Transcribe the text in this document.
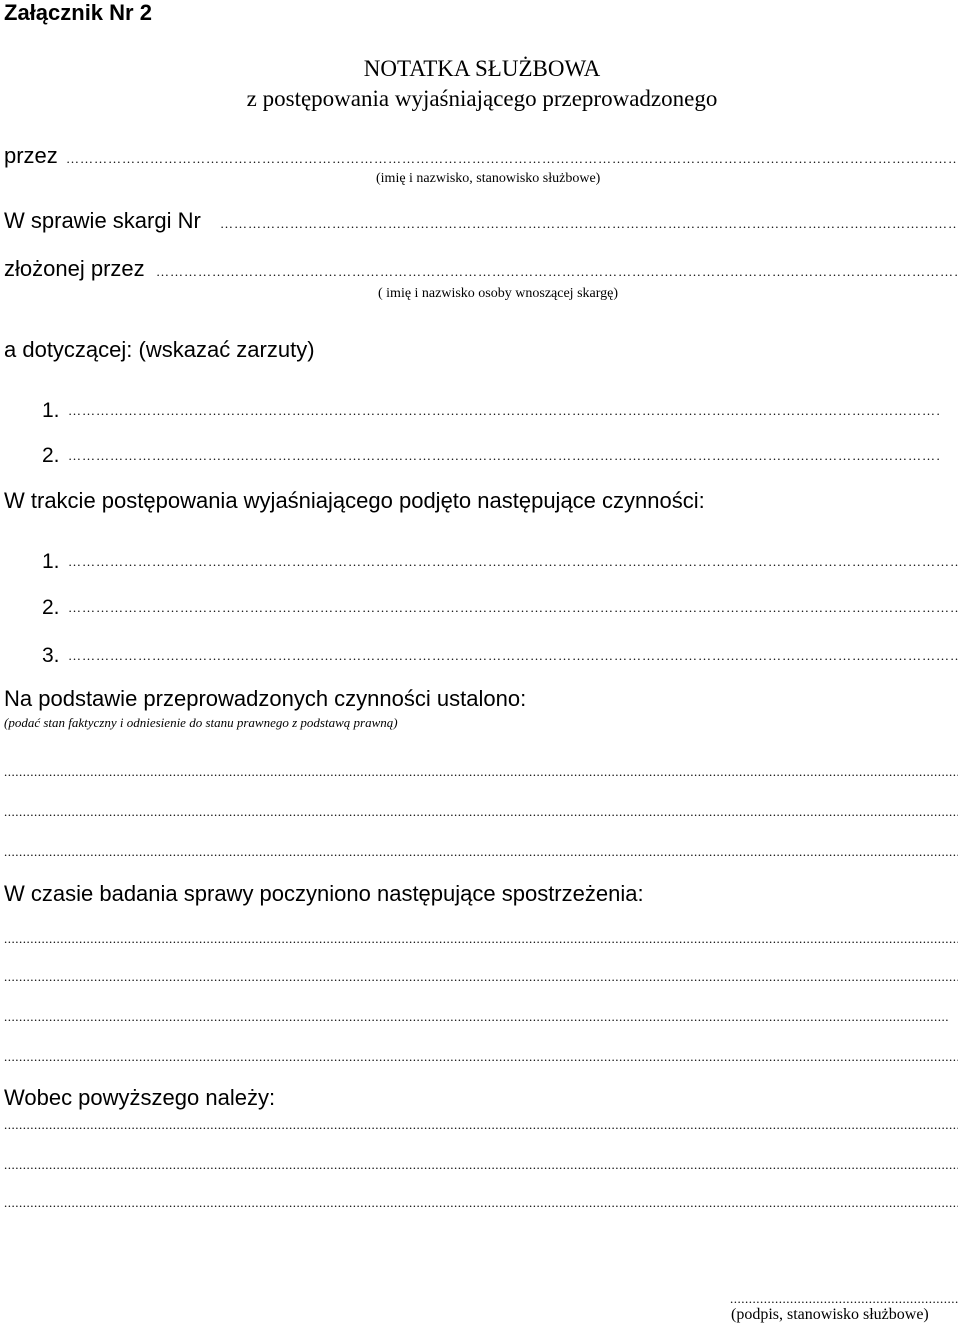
Załącznik Nr 2
NOTATKA SŁUŻBOWA
z postępowania wyjaśniającego przeprowadzonego
przez
…………………………………………………………………………………………………………………………………………………………………………………………………………………………………………………
(imię i nazwisko, stanowisko służbowe)
W sprawie skargi Nr
…………………………………………………………………………………………………………………………………………………………………………………………………………………………………………………
złożonej przez
…………………………………………………………………………………………………………………………………………………………………………………………………………………………………………………
( imię i nazwisko osoby wnoszącej skargę)
a dotyczącej: (wskazać zarzuty)
1.
…………………………………………………………………………………………………………………………………………………………………………………………………………………………………………………
2.
…………………………………………………………………………………………………………………………………………………………………………………………………………………………………………………
W trakcie postępowania wyjaśniającego podjęto następujące czynności:
1.
…………………………………………………………………………………………………………………………………………………………………………………………………………………………………………………
2.
…………………………………………………………………………………………………………………………………………………………………………………………………………………………………………………
3.
…………………………………………………………………………………………………………………………………………………………………………………………………………………………………………………
Na podstawie przeprowadzonych czynności ustalono:
(podać stan faktyczny i odniesienie do stanu prawnego z podstawą prawną)
.....
.....
.....
W czasie badania sprawy poczyniono następujące spostrzeżenia:
.....
.....
.....
.....
Wobec powyższego należy:
.....
.....
.....
.....
(podpis, stanowisko służbowe)
